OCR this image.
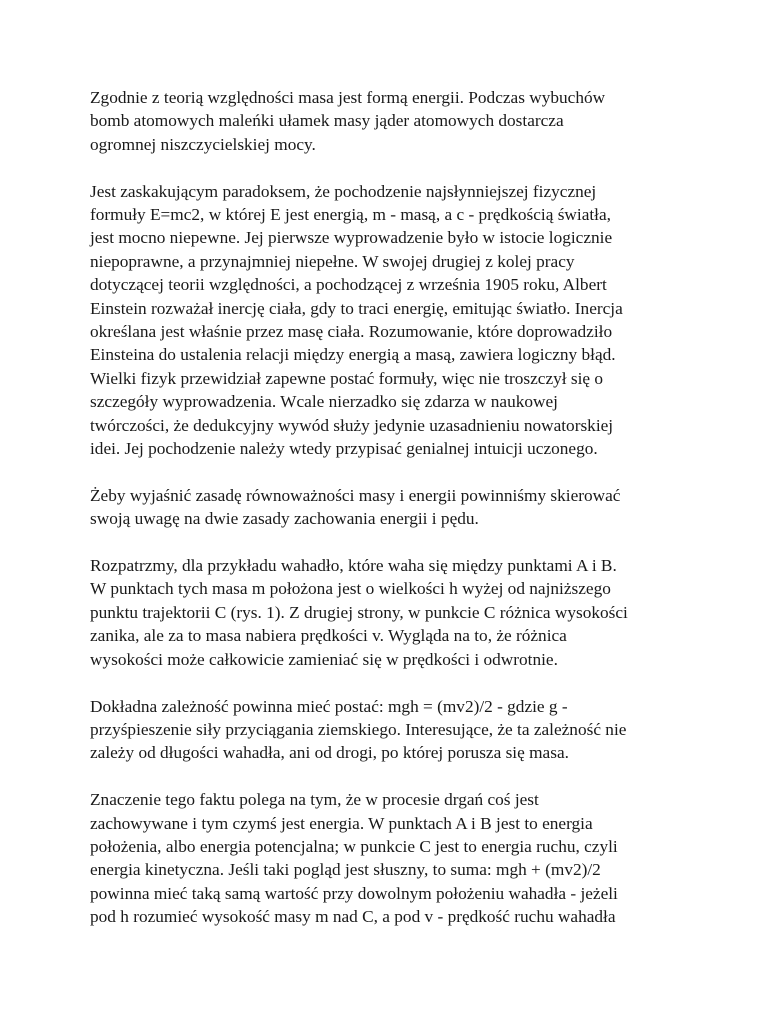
Zgodnie z teorią względności masa jest formą energii. Podczas wybuchów
bomb atomowych maleńki ułamek masy jąder atomowych dostarcza
ogromnej niszczycielskiej mocy.

Jest zaskakującym paradoksem, że pochodzenie najsłynniejszej fizycznej
formuły E=mc2, w której E jest energią, m - masą, a c - prędkością światła,
jest mocno niepewne. Jej pierwsze wyprowadzenie było w istocie logicznie
niepoprawne, a przynajmniej niepełne. W swojej drugiej z kolej pracy
dotyczącej teorii względności, a pochodzącej z września 1905 roku, Albert
Einstein rozważał inercję ciała, gdy to traci energię, emitując światło. Inercja
określana jest właśnie przez masę ciała. Rozumowanie, które doprowadziło
Einsteina do ustalenia relacji między energią a masą, zawiera logiczny błąd.
Wielki fizyk przewidział zapewne postać formuły, więc nie troszczył się o
szczegóły wyprowadzenia. Wcale nierzadko się zdarza w naukowej
twórczości, że dedukcyjny wywód służy jedynie uzasadnieniu nowatorskiej
idei. Jej pochodzenie należy wtedy przypisać genialnej intuicji uczonego.

Żeby wyjaśnić zasadę równoważności masy i energii powinniśmy skierować
swoją uwagę na dwie zasady zachowania energii i pędu.

Rozpatrzmy, dla przykładu wahadło, które waha się między punktami A i B.
W punktach tych masa m położona jest o wielkości h wyżej od najniższego
punktu trajektorii C (rys. 1). Z drugiej strony, w punkcie C różnica wysokości
zanika, ale za to masa nabiera prędkości v. Wygląda na to, że różnica
wysokości może całkowicie zamieniać się w prędkości i odwrotnie.

Dokładna zależność powinna mieć postać: mgh = (mv2)/2 - gdzie g -
przyśpieszenie siły przyciągania ziemskiego. Interesujące, że ta zależność nie
zależy od długości wahadła, ani od drogi, po której porusza się masa.

Znaczenie tego faktu polega na tym, że w procesie drgań coś jest
zachowywane i tym czymś jest energia. W punktach A i B jest to energia
położenia, albo energia potencjalna; w punkcie C jest to energia ruchu, czyli
energia kinetyczna. Jeśli taki pogląd jest słuszny, to suma: mgh + (mv2)/2
powinna mieć taką samą wartość przy dowolnym położeniu wahadła - jeżeli
pod h rozumieć wysokość masy m nad C, a pod v - prędkość ruchu wahadła
